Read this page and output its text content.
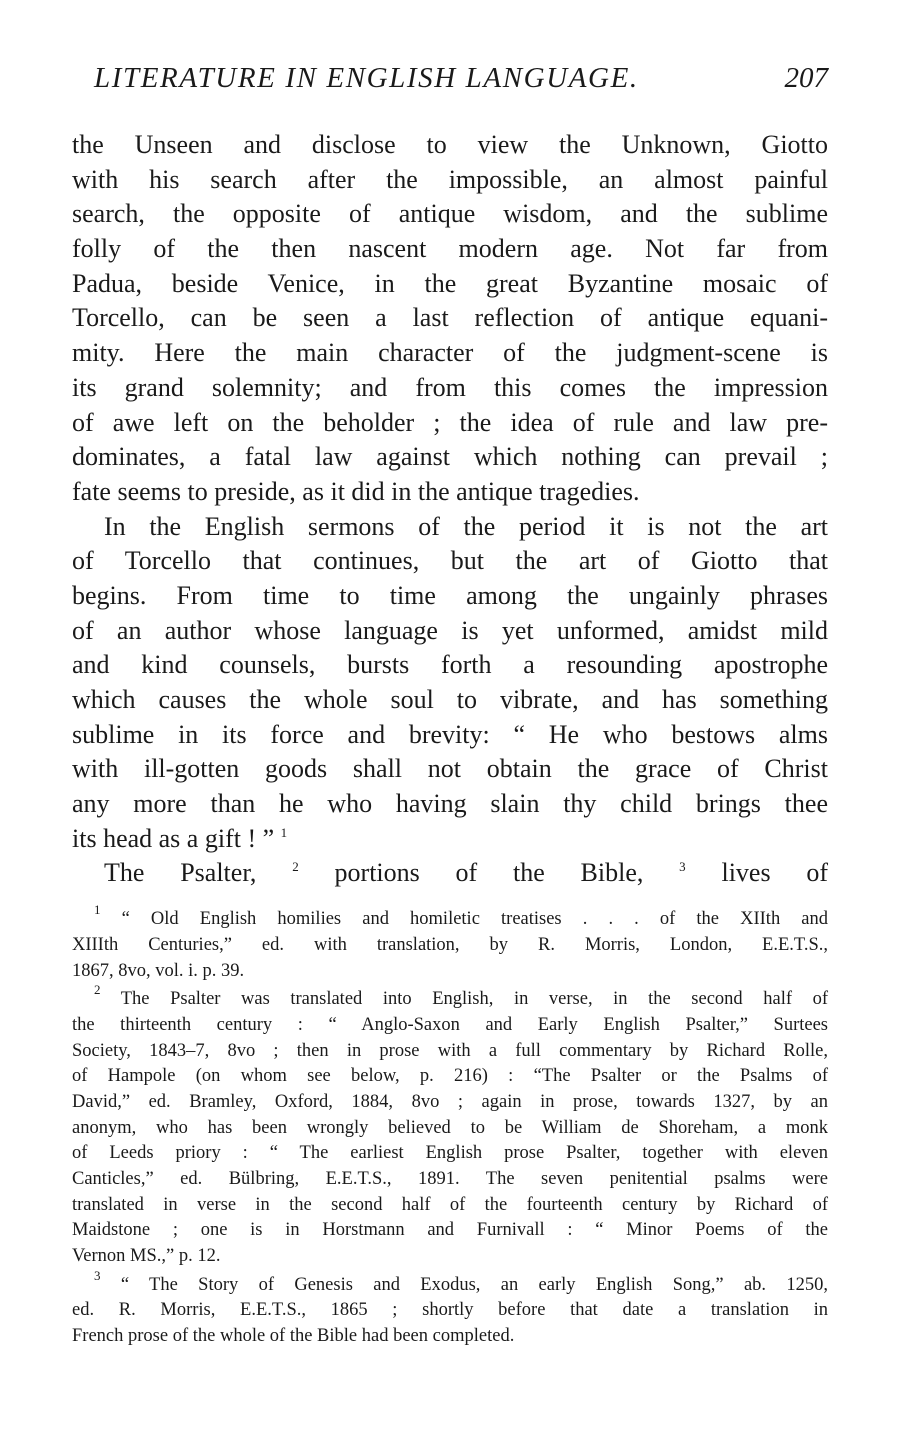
LITERATURE IN ENGLISH LANGUAGE.	207
the Unseen and disclose to view the Unknown, Giotto
with his search after the impossible, an almost painful
search, the opposite of antique wisdom, and the sublime
folly of the then nascent modern age. Not far from
Padua, beside Venice, in the great Byzantine mosaic of
Torcello, can be seen a last reflection of antique equani-
mity. Here the main character of the judgment-scene is
its grand solemnity; and from this comes the impression
of awe left on the beholder ; the idea of rule and law pre-
dominates, a fatal law against which nothing can prevail ;
fate seems to preside, as it did in the antique tragedies.
In the English sermons of the period it is not the art
of Torcello that continues, but the art of Giotto that
begins. From time to time among the ungainly phrases
of an author whose language is yet unformed, amidst mild
and kind counsels, bursts forth a resounding apostrophe
which causes the whole soul to vibrate, and has something
sublime in its force and brevity: “ He who bestows alms
with ill-gotten goods shall not obtain the grace of Christ
any more than he who having slain thy child brings thee
its head as a gift ! ” $^1$
The Psalter,	$^2$ portions of the Bible,	$^3$ lives of
$^1$ “ Old English homilies and homiletic treatises . . . of the XIIth and
XIIIth Centuries,” ed. with translation, by R. Morris, London, E.E.T.S.,
1867, 8vo, vol. i. p. 39.
$^2$ The Psalter was translated into English, in verse, in the second half of
the thirteenth century : “ Anglo-Saxon and Early English Psalter,” Surtees
Society, 1843–7, 8vo ; then in prose with a full commentary by Richard Rolle,
of Hampole (on whom see below, p. 216) : “The Psalter or the Psalms of
David,” ed. Bramley, Oxford, 1884, 8vo ; again in prose, towards 1327, by an
anonym, who has been wrongly believed to be William de Shoreham, a monk
of Leeds priory : “ The earliest English prose Psalter, together with eleven
Canticles,” ed. Bülbring, E.E.T.S., 1891. The seven penitential psalms were
translated in verse in the second half of the fourteenth century by Richard of
Maidstone ; one is in Horstmann and Furnivall : “ Minor Poems of the
Vernon MS.,” p. 12.
$^3$ “ The Story of Genesis and Exodus, an early English Song,” ab. 1250,
ed. R. Morris, E.E.T.S., 1865 ; shortly before that date a translation in
French prose of the whole of the Bible had been completed.
